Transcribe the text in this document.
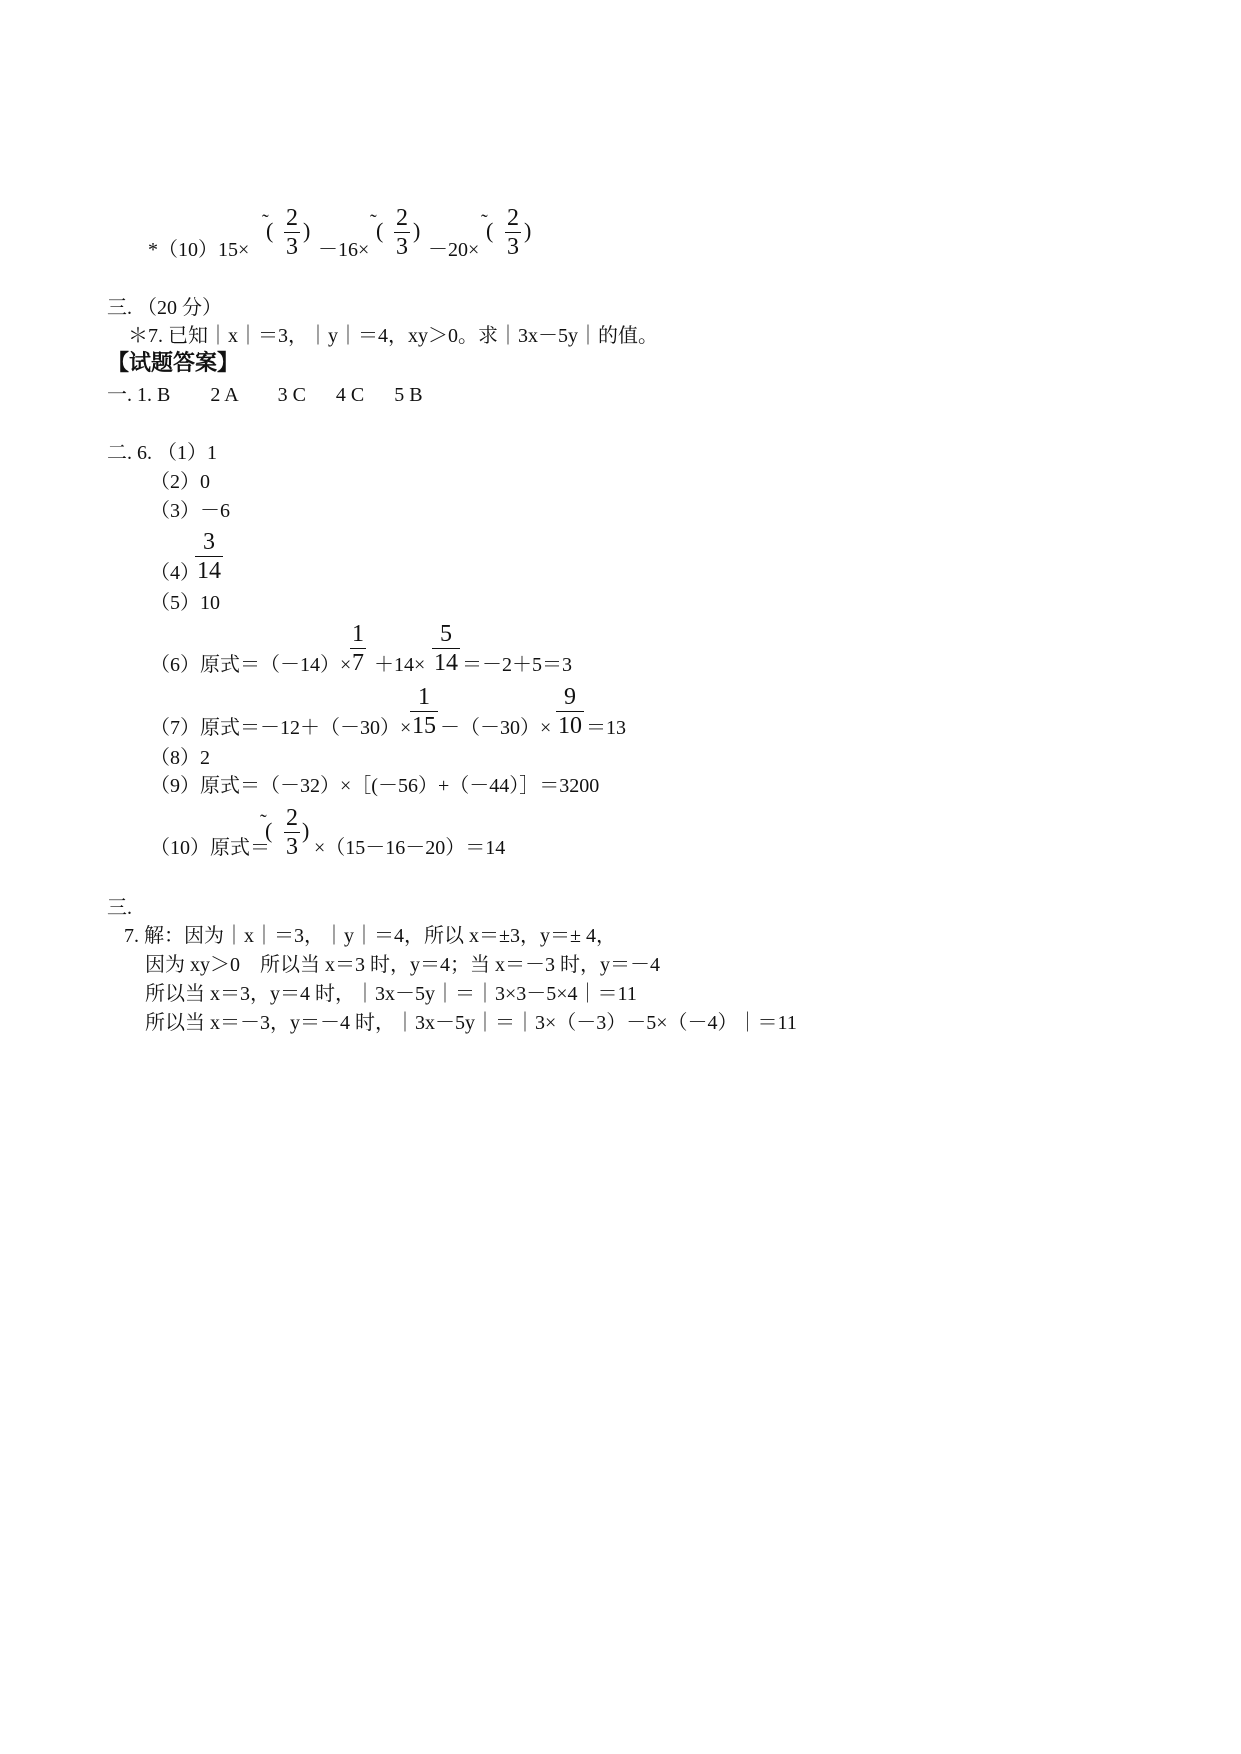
*（10）15×
˜
( $\frac{2}{3}$ )
－16×
˜ ( $\frac{2}{3}$ )
－20×
˜
( $\frac{2}{3}$ )
三. （20 分）
＊7. 已知｜x｜＝3，｜y｜＝4，xy＞0。求｜3x－5y｜的值。
【试题答案】
一. 1. B        2 A        3 C      4 C      5 B
二. 6. （1）1
（2）0
（3）－6
（4）
$\frac{3}{14}$
（5）10
（6）原式＝（－14）×
$\frac{1}{7} +14\times \frac{5}{14} =-2+5=3$
（7）原式＝－12＋（－30）×
$\frac{1}{15} -(-30)\times \frac{9}{10} =13$
（8）2
（9）原式＝（－32）×［(－56）+（－44）］＝3200
（10）原式＝
˜
( $\frac{2}{3}$ )
×（15－16－20）＝14
三.
7. 解：因为｜x｜＝3，｜y｜＝4，所以 x＝±3，y＝± 4，
因为 xy＞0    所以当 x＝3 时，y＝4；当 x＝－3 时，y＝－4
所以当 x＝3，y＝4 时，｜3x－5y｜＝｜3×3－5×4｜＝11
所以当 x＝－3，y＝－4 时，｜3x－5y｜＝｜3×（－3）－5×（－4）｜＝11
